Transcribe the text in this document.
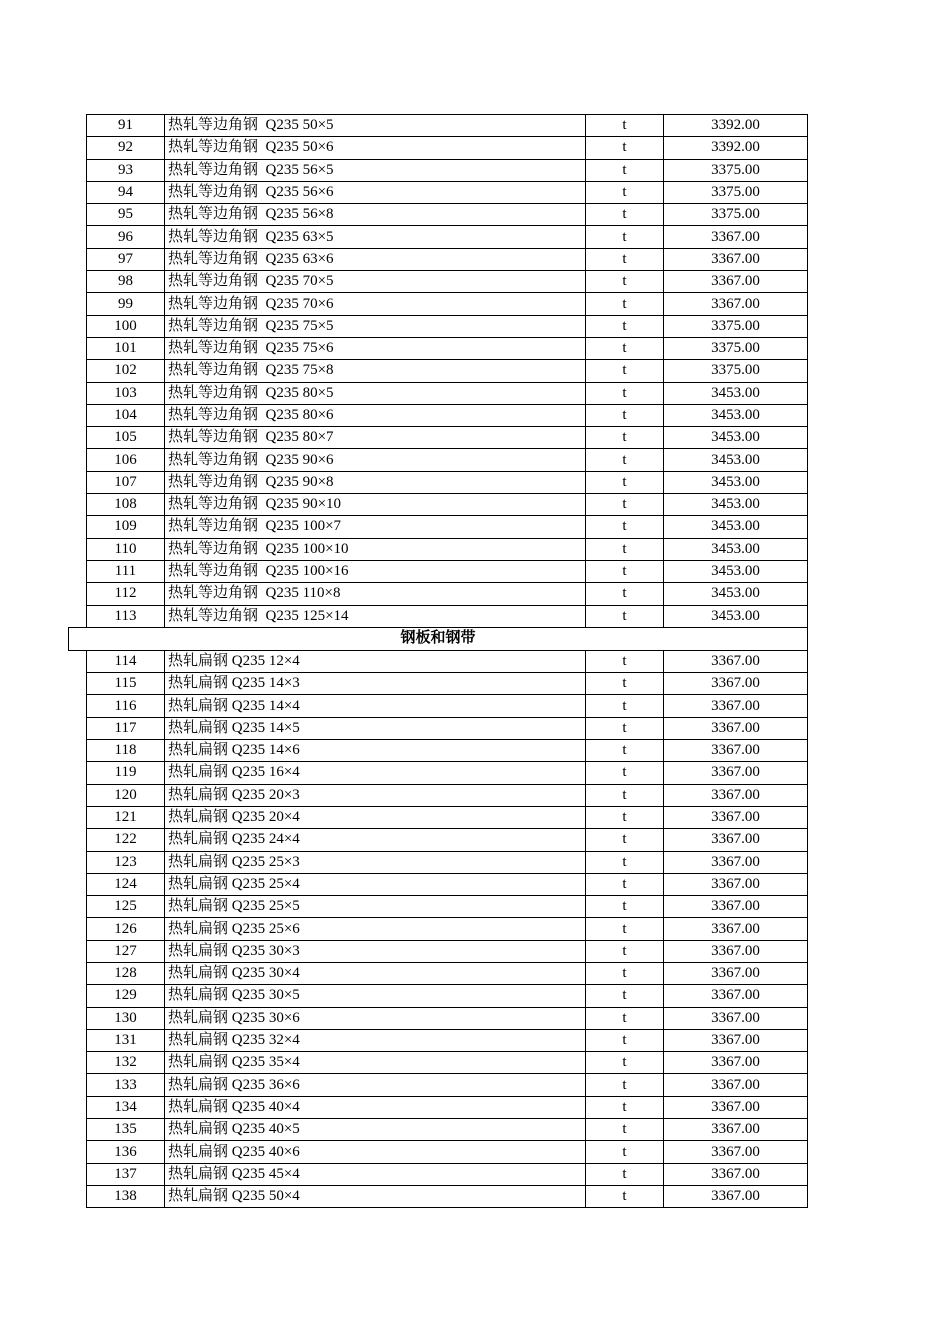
	91	热轧等边角钢  Q235 50×5	t	3392.00
	92	热轧等边角钢  Q235 50×6	t	3392.00
	93	热轧等边角钢  Q235 56×5	t	3375.00
	94	热轧等边角钢  Q235 56×6	t	3375.00
	95	热轧等边角钢  Q235 56×8	t	3375.00
	96	热轧等边角钢  Q235 63×5	t	3367.00
	97	热轧等边角钢  Q235 63×6	t	3367.00
	98	热轧等边角钢  Q235 70×5	t	3367.00
	99	热轧等边角钢  Q235 70×6	t	3367.00
	100	热轧等边角钢  Q235 75×5	t	3375.00
	101	热轧等边角钢  Q235 75×6	t	3375.00
	102	热轧等边角钢  Q235 75×8	t	3375.00
	103	热轧等边角钢  Q235 80×5	t	3453.00
	104	热轧等边角钢  Q235 80×6	t	3453.00
	105	热轧等边角钢  Q235 80×7	t	3453.00
	106	热轧等边角钢  Q235 90×6	t	3453.00
	107	热轧等边角钢  Q235 90×8	t	3453.00
	108	热轧等边角钢  Q235 90×10	t	3453.00
	109	热轧等边角钢  Q235 100×7	t	3453.00
	110	热轧等边角钢  Q235 100×10	t	3453.00
	111	热轧等边角钢  Q235 100×16	t	3453.00
	112	热轧等边角钢  Q235 110×8	t	3453.00
	113	热轧等边角钢  Q235 125×14	t	3453.00
钢板和钢带				
	114	热轧扁钢 Q235 12×4	t	3367.00
	115	热轧扁钢 Q235 14×3	t	3367.00
	116	热轧扁钢 Q235 14×4	t	3367.00
	117	热轧扁钢 Q235 14×5	t	3367.00
	118	热轧扁钢 Q235 14×6	t	3367.00
	119	热轧扁钢 Q235 16×4	t	3367.00
	120	热轧扁钢 Q235 20×3	t	3367.00
	121	热轧扁钢 Q235 20×4	t	3367.00
	122	热轧扁钢 Q235 24×4	t	3367.00
	123	热轧扁钢 Q235 25×3	t	3367.00
	124	热轧扁钢 Q235 25×4	t	3367.00
	125	热轧扁钢 Q235 25×5	t	3367.00
	126	热轧扁钢 Q235 25×6	t	3367.00
	127	热轧扁钢 Q235 30×3	t	3367.00
	128	热轧扁钢 Q235 30×4	t	3367.00
	129	热轧扁钢 Q235 30×5	t	3367.00
	130	热轧扁钢 Q235 30×6	t	3367.00
	131	热轧扁钢 Q235 32×4	t	3367.00
	132	热轧扁钢 Q235 35×4	t	3367.00
	133	热轧扁钢 Q235 36×6	t	3367.00
	134	热轧扁钢 Q235 40×4	t	3367.00
	135	热轧扁钢 Q235 40×5	t	3367.00
	136	热轧扁钢 Q235 40×6	t	3367.00
	137	热轧扁钢 Q235 45×4	t	3367.00
	138	热轧扁钢 Q235 50×4	t	3367.00
